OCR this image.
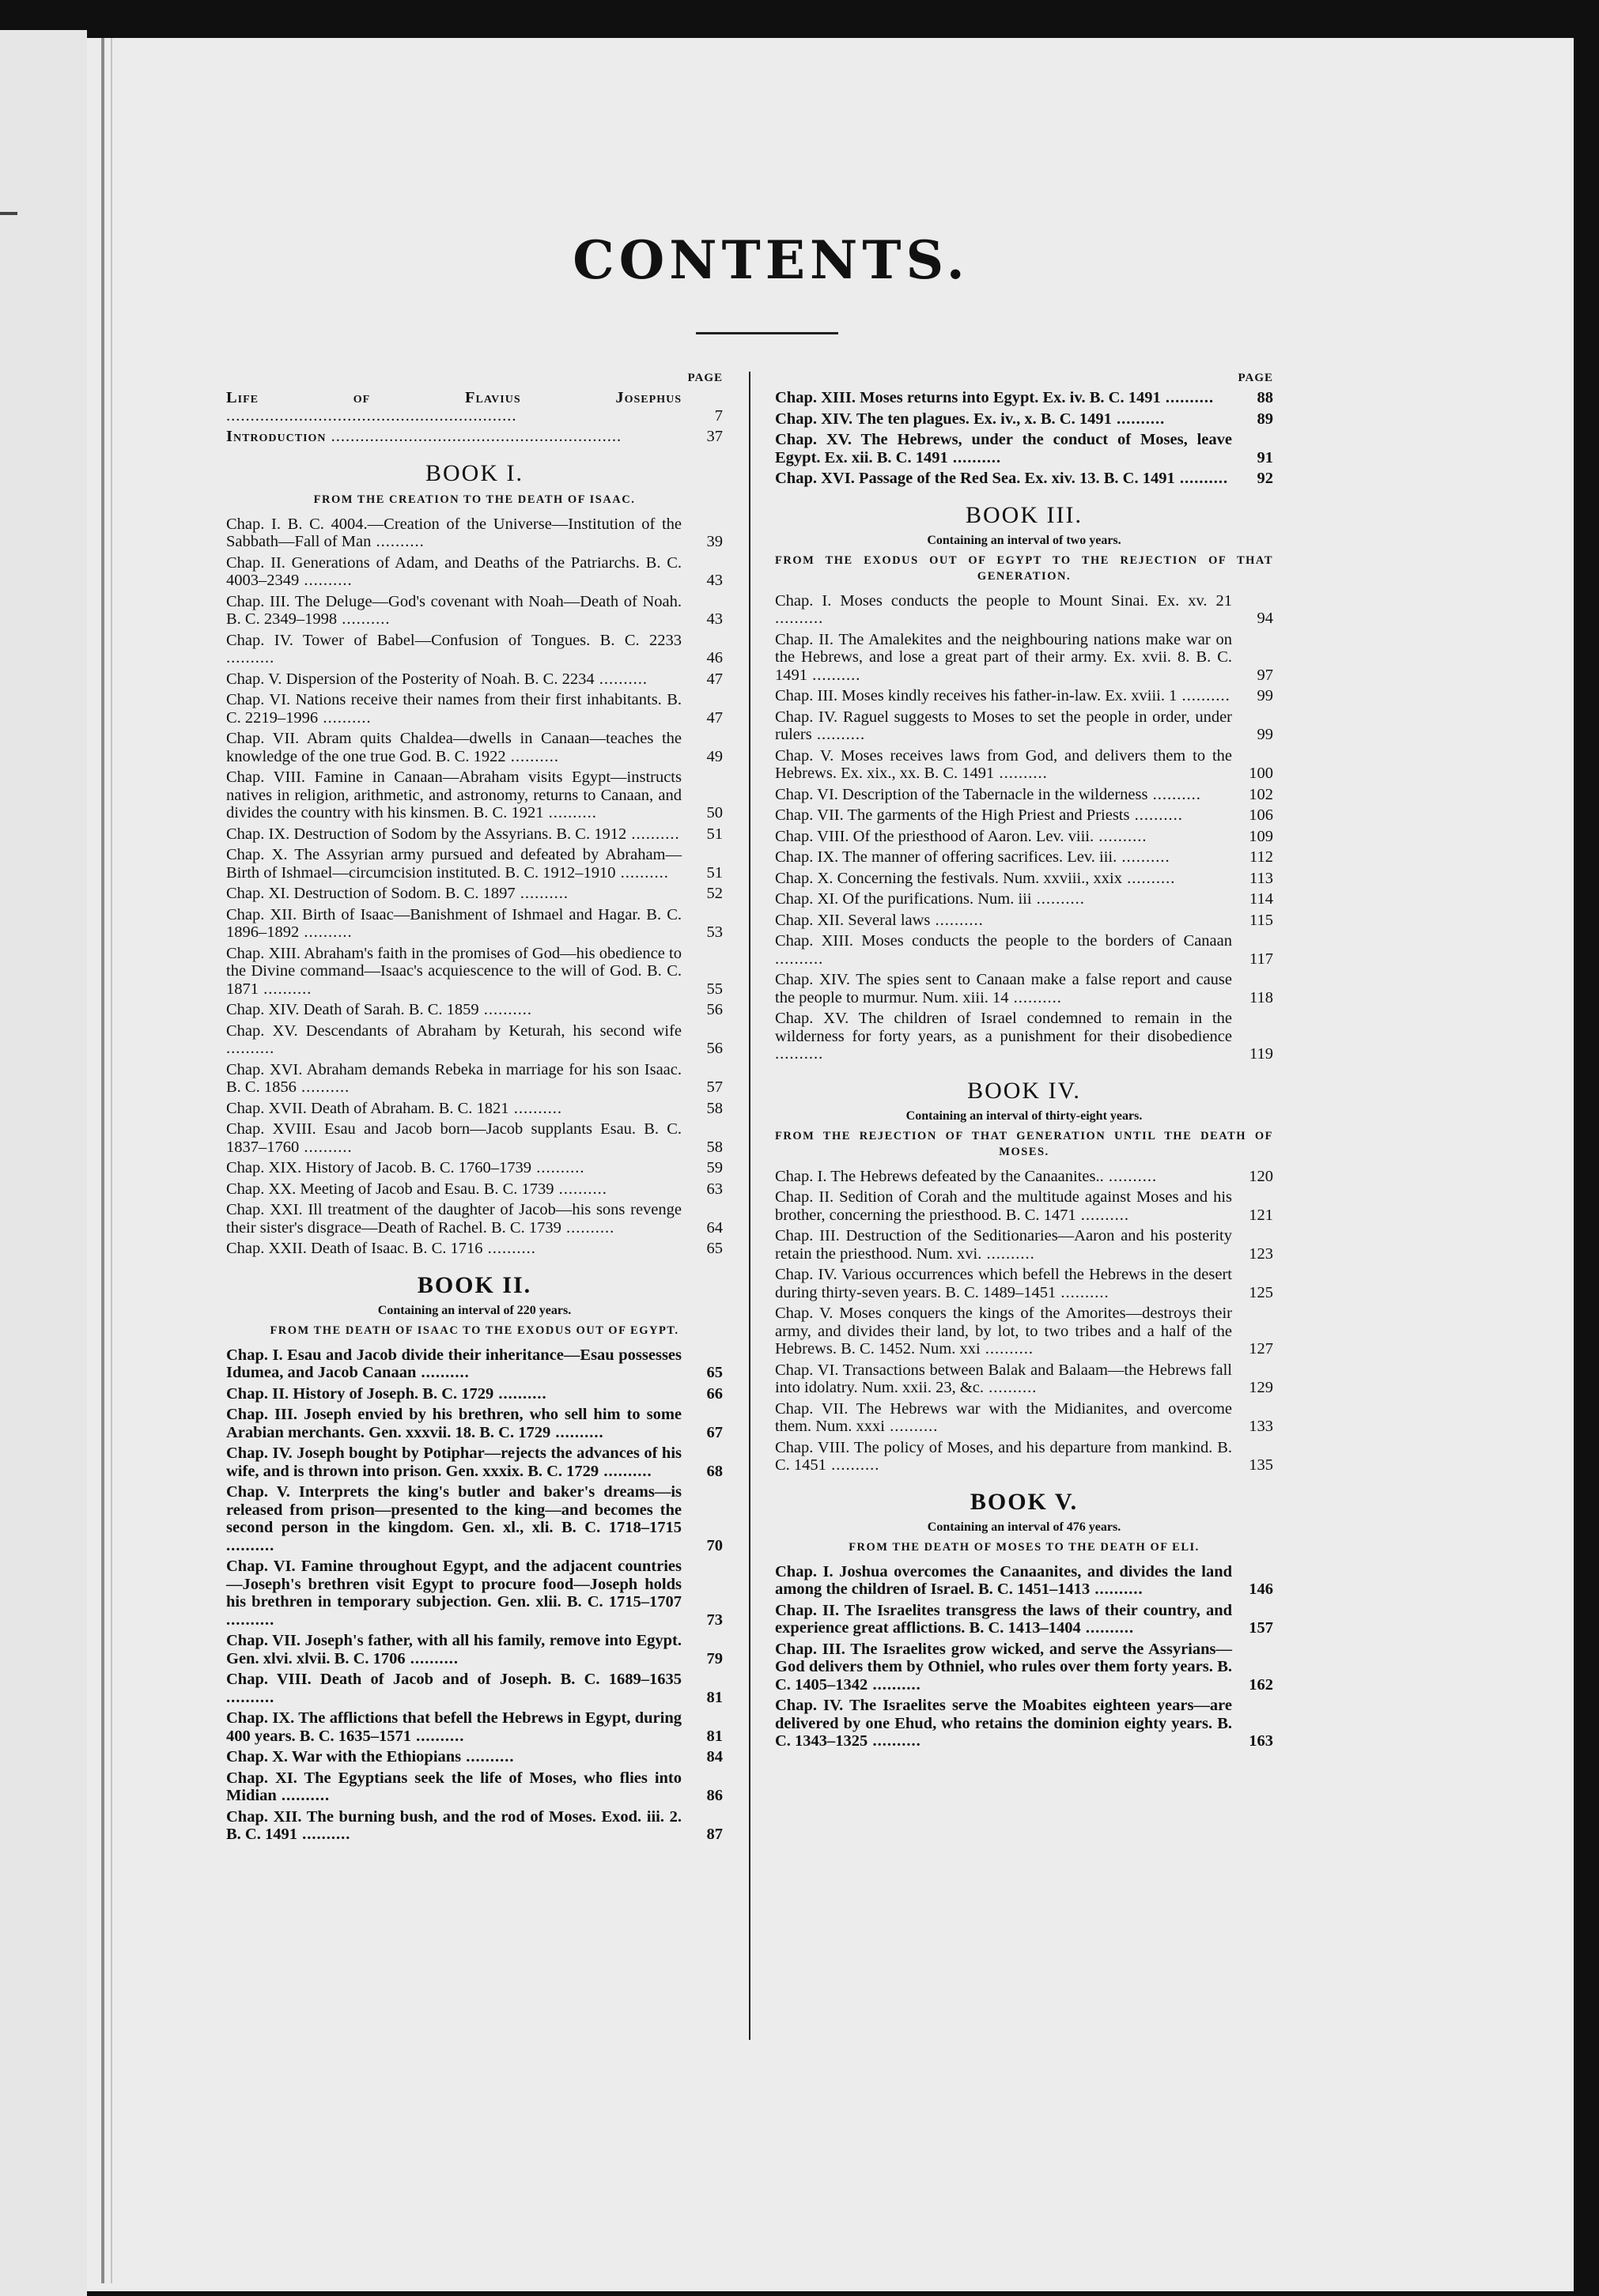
CONTENTS.
PAGE
Life of Flavius Josephus ............................................................	7
Introduction ............................................................	37
BOOK I.
FROM THE CREATION TO THE DEATH OF ISAAC.
Chap. I. B. C. 4004.—Creation of the Universe—Institution of the Sabbath—Fall of Man ..........	39
Chap. II. Generations of Adam, and Deaths of the Patriarchs. B. C. 4003–2349 ..........	43
Chap. III. The Deluge—God's covenant with Noah—Death of Noah. B. C. 2349–1998 ..........	43
Chap. IV. Tower of Babel—Confusion of Tongues. B. C. 2233 ..........	46
Chap. V. Dispersion of the Posterity of Noah. B. C. 2234 ..........	47
Chap. VI. Nations receive their names from their first inhabitants. B. C. 2219–1996 ..........	47
Chap. VII. Abram quits Chaldea—dwells in Canaan—teaches the knowledge of the one true God. B. C. 1922 ..........	49
Chap. VIII. Famine in Canaan—Abraham visits Egypt—instructs natives in religion, arithmetic, and astronomy, returns to Canaan, and divides the country with his kinsmen. B. C. 1921 ..........	50
Chap. IX. Destruction of Sodom by the Assyrians. B. C. 1912 ..........	51
Chap. X. The Assyrian army pursued and defeated by Abraham—Birth of Ishmael—circumcision instituted. B. C. 1912–1910 ..........	51
Chap. XI. Destruction of Sodom. B. C. 1897 ..........	52
Chap. XII. Birth of Isaac—Banishment of Ishmael and Hagar. B. C. 1896–1892 ..........	53
Chap. XIII. Abraham's faith in the promises of God—his obedience to the Divine command—Isaac's acquiescence to the will of God. B. C. 1871 ..........	55
Chap. XIV. Death of Sarah. B. C. 1859 ..........	56
Chap. XV. Descendants of Abraham by Keturah, his second wife ..........	56
Chap. XVI. Abraham demands Rebeka in marriage for his son Isaac. B. C. 1856 ..........	57
Chap. XVII. Death of Abraham. B. C. 1821 ..........	58
Chap. XVIII. Esau and Jacob born—Jacob supplants Esau. B. C. 1837–1760 ..........	58
Chap. XIX. History of Jacob. B. C. 1760–1739 ..........	59
Chap. XX. Meeting of Jacob and Esau. B. C. 1739 ..........	63
Chap. XXI. Ill treatment of the daughter of Jacob—his sons revenge their sister's disgrace—Death of Rachel. B. C. 1739 ..........	64
Chap. XXII. Death of Isaac. B. C. 1716 ..........	65
BOOK II.
Containing an interval of 220 years.
FROM THE DEATH OF ISAAC TO THE EXODUS OUT OF EGYPT.
Chap. I. Esau and Jacob divide their inheritance—Esau possesses Idumea, and Jacob Canaan ..........	65
Chap. II. History of Joseph. B. C. 1729 ..........	66
Chap. III. Joseph envied by his brethren, who sell him to some Arabian merchants. Gen. xxxvii. 18. B. C. 1729 ..........	67
Chap. IV. Joseph bought by Potiphar—rejects the advances of his wife, and is thrown into prison. Gen. xxxix. B. C. 1729 ..........	68
Chap. V. Interprets the king's butler and baker's dreams—is released from prison—presented to the king—and becomes the second person in the kingdom. Gen. xl., xli. B. C. 1718–1715 ..........	70
Chap. VI. Famine throughout Egypt, and the adjacent countries—Joseph's brethren visit Egypt to procure food—Joseph holds his brethren in temporary subjection. Gen. xlii. B. C. 1715–1707 ..........	73
Chap. VII. Joseph's father, with all his family, remove into Egypt. Gen. xlvi. xlvii. B. C. 1706 ..........	79
Chap. VIII. Death of Jacob and of Joseph. B. C. 1689–1635 ..........	81
Chap. IX. The afflictions that befell the Hebrews in Egypt, during 400 years. B. C. 1635–1571 ..........	81
Chap. X. War with the Ethiopians ..........	84
Chap. XI. The Egyptians seek the life of Moses, who flies into Midian ..........	86
Chap. XII. The burning bush, and the rod of Moses. Exod. iii. 2. B. C. 1491 ..........	87
PAGE
Chap. XIII. Moses returns into Egypt. Ex. iv. B. C. 1491 ..........	88
Chap. XIV. The ten plagues. Ex. iv., x. B. C. 1491 ..........	89
Chap. XV. The Hebrews, under the conduct of Moses, leave Egypt. Ex. xii. B. C. 1491 ..........	91
Chap. XVI. Passage of the Red Sea. Ex. xiv. 13. B. C. 1491 ..........	92
BOOK III.
Containing an interval of two years.
FROM THE EXODUS OUT OF EGYPT TO THE REJECTION OF THAT GENERATION.
Chap. I. Moses conducts the people to Mount Sinai. Ex. xv. 21 ..........	94
Chap. II. The Amalekites and the neighbouring nations make war on the Hebrews, and lose a great part of their army. Ex. xvii. 8. B. C. 1491 ..........	97
Chap. III. Moses kindly receives his father-in-law. Ex. xviii. 1 ..........	99
Chap. IV. Raguel suggests to Moses to set the people in order, under rulers ..........	99
Chap. V. Moses receives laws from God, and delivers them to the Hebrews. Ex. xix., xx. B. C. 1491 ..........	100
Chap. VI. Description of the Tabernacle in the wilderness ..........	102
Chap. VII. The garments of the High Priest and Priests ..........	106
Chap. VIII. Of the priesthood of Aaron. Lev. viii. ..........	109
Chap. IX. The manner of offering sacrifices. Lev. iii. ..........	112
Chap. X. Concerning the festivals. Num. xxviii., xxix ..........	113
Chap. XI. Of the purifications. Num. iii ..........	114
Chap. XII. Several laws ..........	115
Chap. XIII. Moses conducts the people to the borders of Canaan ..........	117
Chap. XIV. The spies sent to Canaan make a false report and cause the people to murmur. Num. xiii. 14 ..........	118
Chap. XV. The children of Israel condemned to remain in the wilderness for forty years, as a punishment for their disobedience ..........	119
BOOK IV.
Containing an interval of thirty-eight years.
FROM THE REJECTION OF THAT GENERATION UNTIL THE DEATH OF MOSES.
Chap. I. The Hebrews defeated by the Canaanites.. ..........	120
Chap. II. Sedition of Corah and the multitude against Moses and his brother, concerning the priesthood. B. C. 1471 ..........	121
Chap. III. Destruction of the Seditionaries—Aaron and his posterity retain the priesthood. Num. xvi. ..........	123
Chap. IV. Various occurrences which befell the Hebrews in the desert during thirty-seven years. B. C. 1489–1451 ..........	125
Chap. V. Moses conquers the kings of the Amorites—destroys their army, and divides their land, by lot, to two tribes and a half of the Hebrews. B. C. 1452. Num. xxi ..........	127
Chap. VI. Transactions between Balak and Balaam—the Hebrews fall into idolatry. Num. xxii. 23, &c. ..........	129
Chap. VII. The Hebrews war with the Midianites, and overcome them. Num. xxxi ..........	133
Chap. VIII. The policy of Moses, and his departure from mankind. B. C. 1451 ..........	135
BOOK V.
Containing an interval of 476 years.
FROM THE DEATH OF MOSES TO THE DEATH OF ELI.
Chap. I. Joshua overcomes the Canaanites, and divides the land among the children of Israel. B. C. 1451–1413 ..........	146
Chap. II. The Israelites transgress the laws of their country, and experience great afflictions. B. C. 1413–1404 ..........	157
Chap. III. The Israelites grow wicked, and serve the Assyrians—God delivers them by Othniel, who rules over them forty years. B. C. 1405–1342 ..........	162
Chap. IV. The Israelites serve the Moabites eighteen years—are delivered by one Ehud, who retains the dominion eighty years. B. C. 1343–1325 ..........	163
